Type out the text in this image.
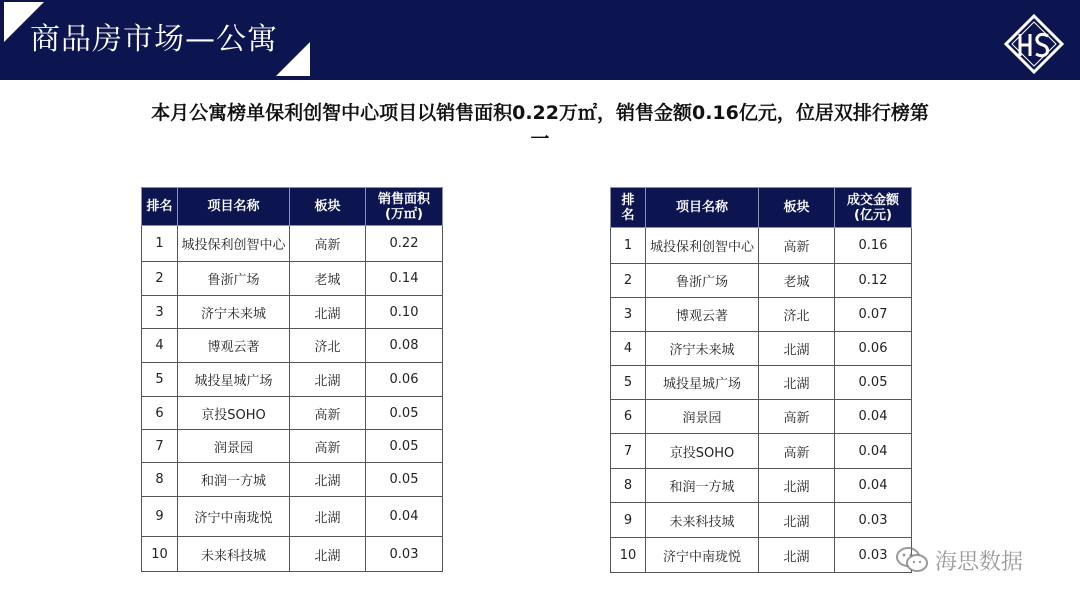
商品房市场—公寓
本月公寓榜单保利创智中心项目以销售面积0.22万㎡，销售金额0.16亿元，位居双排行榜第一
排名	项目名称	板块	销售面积
(万㎡)
1	城投保利创智中心	高新	0.22
2	鲁浙广场	老城	0.14
3	济宁未来城	北湖	0.10
4	博观云著	济北	0.08
5	城投星城广场	北湖	0.06
6	京投SOHO	高新	0.05
7	润景园	高新	0.05
8	和润一方城	北湖	0.05
9	济宁中南珑悦	北湖	0.04
10	未来科技城	北湖	0.03
排
名	项目名称	板块	成交金额
(亿元)
1	城投保利创智中心	高新	0.16
2	鲁浙广场	老城	0.12
3	博观云著	济北	0.07
4	济宁未来城	北湖	0.06
5	城投星城广场	北湖	0.05
6	润景园	高新	0.04
7	京投SOHO	高新	0.04
8	和润一方城	北湖	0.04
9	未来科技城	北湖	0.03
10	济宁中南珑悦	北湖	0.03 海思数据
